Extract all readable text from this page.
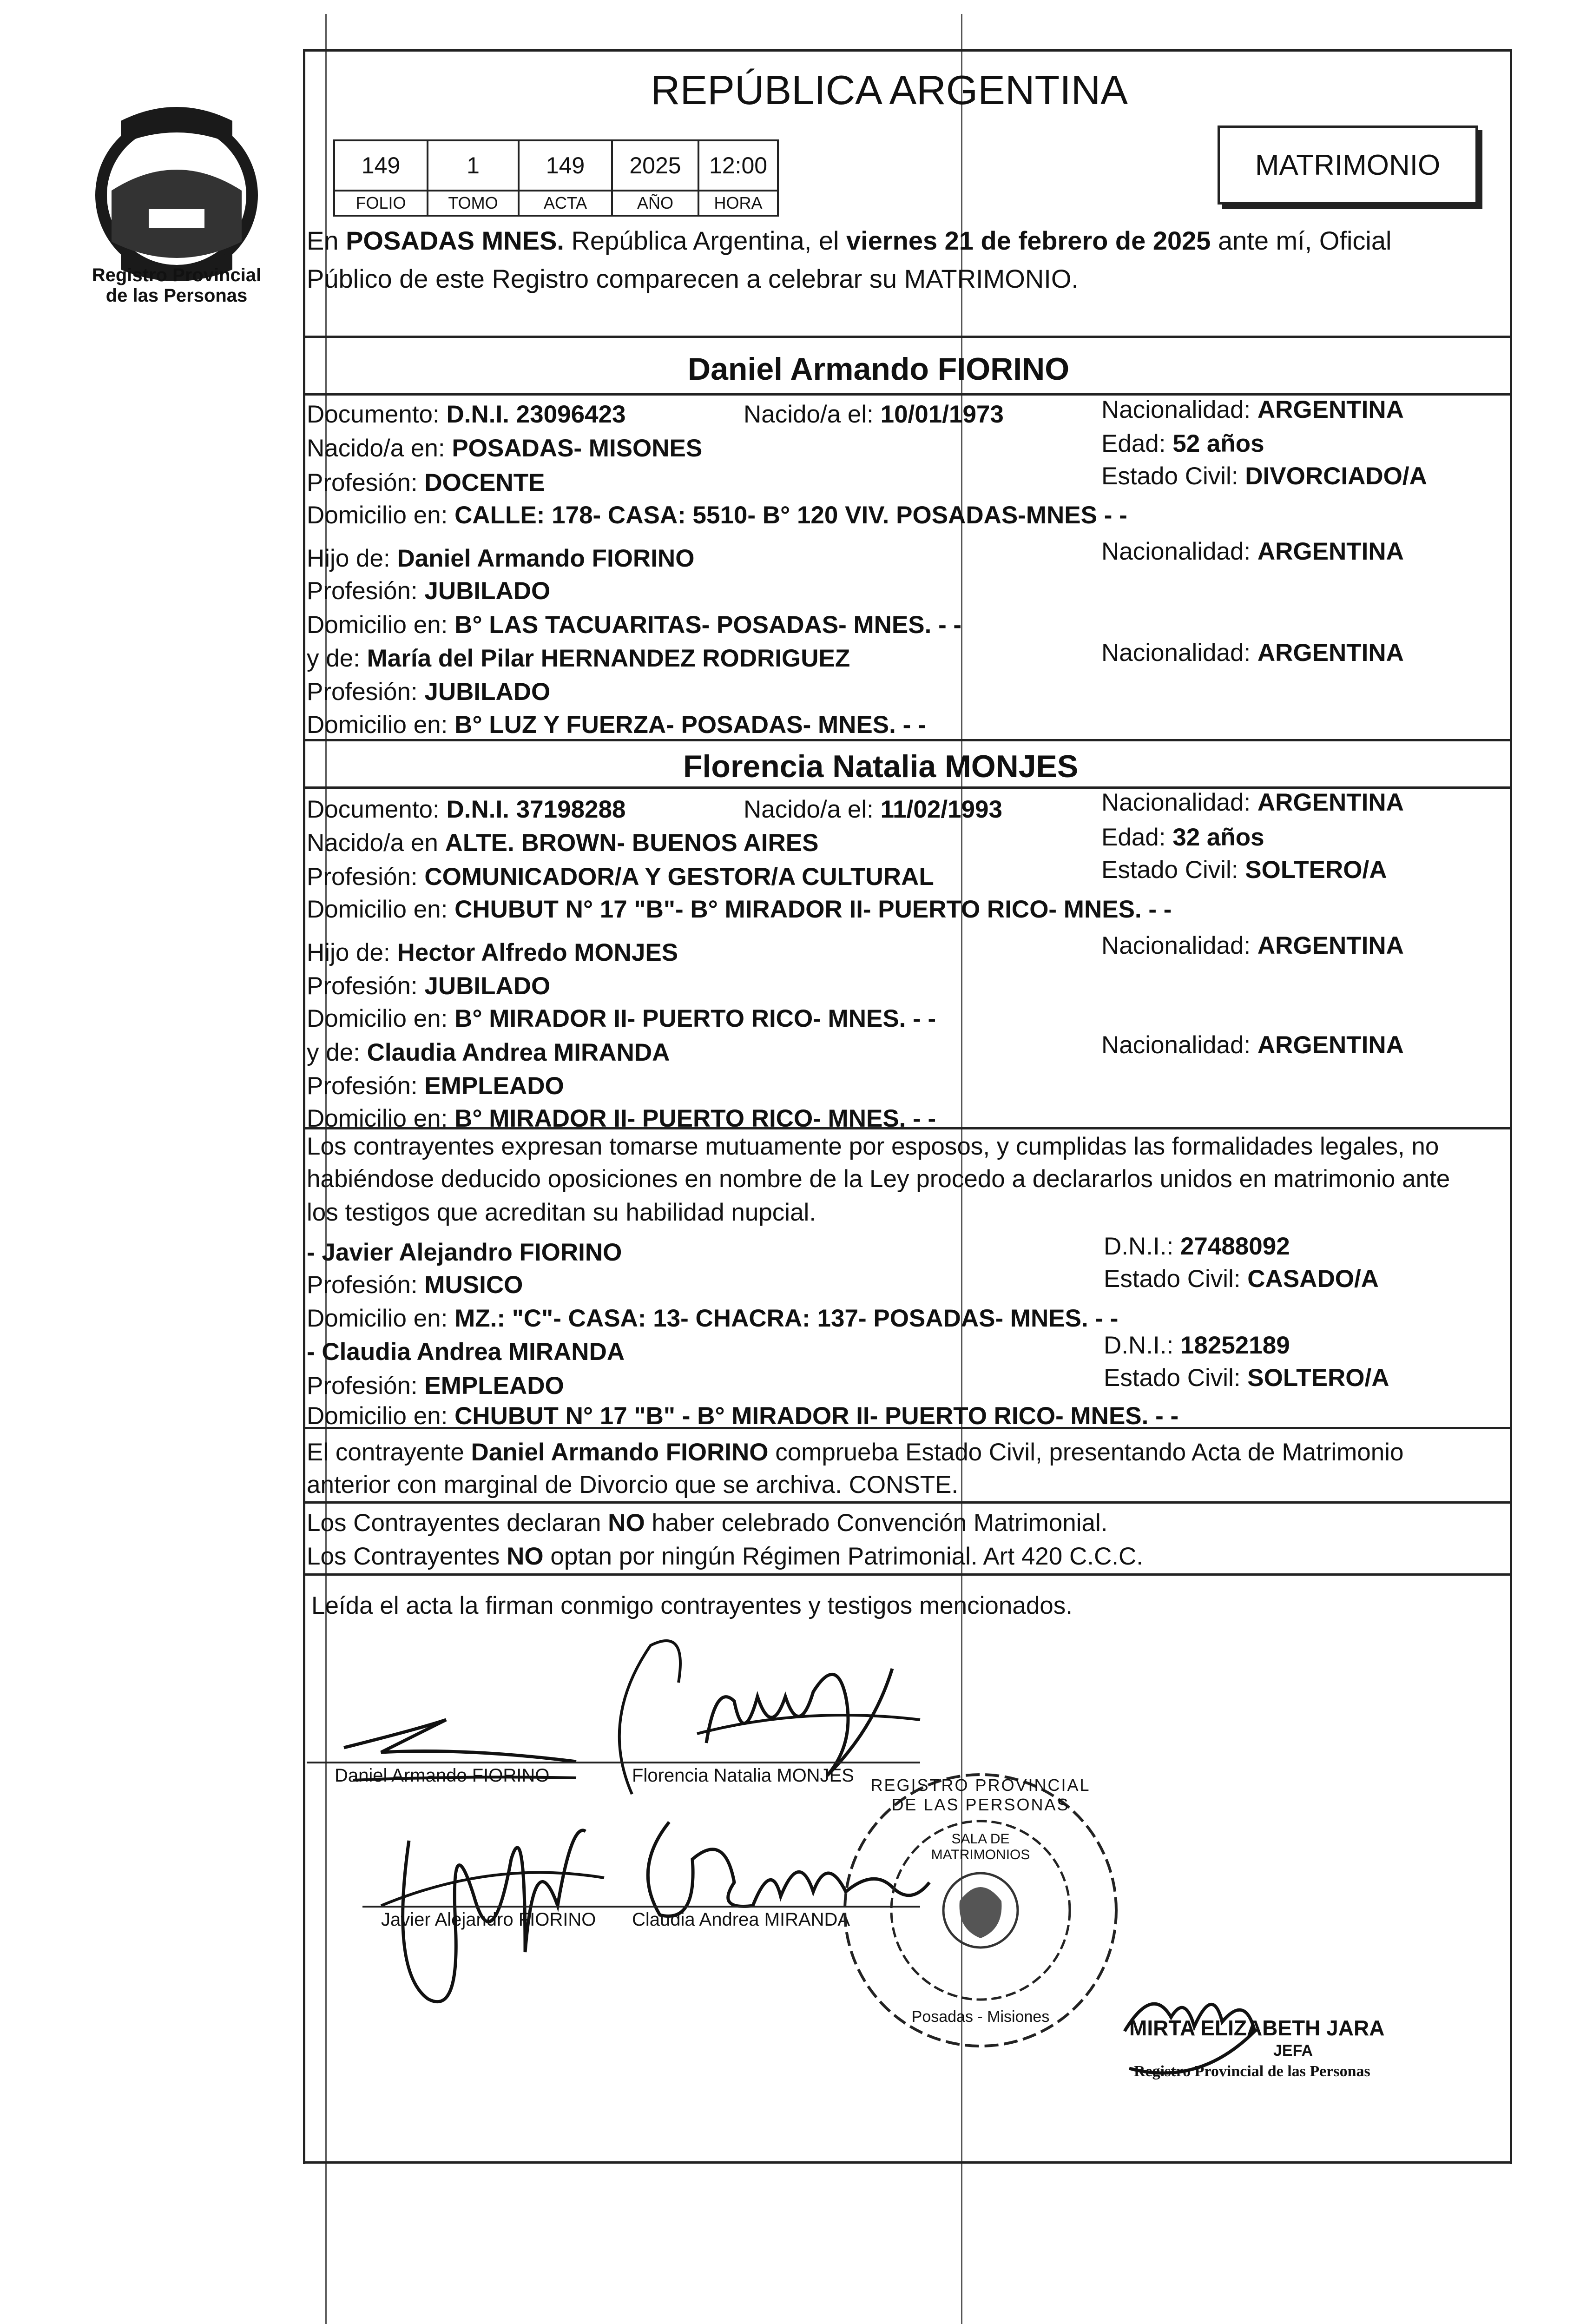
Registro Provincial de las Personas
REPÚBLICA ARGENTINA
149	1	149	2025	12:00
FOLIO	TOMO	ACTA	AÑO	HORA
MATRIMONIO
En POSADAS MNES. República Argentina, el viernes 21 de febrero de 2025 ante mí, Oficial
Público de este Registro comparecen a celebrar su MATRIMONIO.
Daniel Armando FIORINO
Documento: D.N.I. 23096423	Nacido/a el: 10/01/1973	Nacionalidad: ARGENTINA
Nacido/a en: POSADAS- MISONES	Edad: 52 años
Profesión: DOCENTE	Estado Civil: DIVORCIADO/A
Domicilio en: CALLE: 178- CASA: 5510- B° 120 VIV. POSADAS-MNES - -
Hijo de: Daniel Armando FIORINO	Nacionalidad: ARGENTINA
Profesión: JUBILADO
Domicilio en: B° LAS TACUARITAS- POSADAS- MNES. - -
y de: María del Pilar HERNANDEZ RODRIGUEZ	Nacionalidad: ARGENTINA
Profesión: JUBILADO
Domicilio en: B° LUZ Y FUERZA- POSADAS- MNES. - -
Florencia Natalia MONJES
Documento: D.N.I. 37198288	Nacido/a el: 11/02/1993	Nacionalidad: ARGENTINA
Nacido/a en ALTE. BROWN- BUENOS AIRES	Edad: 32 años
Profesión: COMUNICADOR/A Y GESTOR/A CULTURAL	Estado Civil: SOLTERO/A
Domicilio en: CHUBUT N° 17 "B"- B° MIRADOR II- PUERTO RICO- MNES. - -
Hijo de: Hector Alfredo MONJES	Nacionalidad: ARGENTINA
Profesión: JUBILADO
Domicilio en: B° MIRADOR II- PUERTO RICO- MNES. - -
y de: Claudia Andrea MIRANDA	Nacionalidad: ARGENTINA
Profesión: EMPLEADO
Domicilio en: B° MIRADOR II- PUERTO RICO- MNES. - -
Los contrayentes expresan tomarse mutuamente por esposos, y cumplidas las formalidades legales, no
habiéndose deducido oposiciones en nombre de la Ley procedo a declararlos unidos en matrimonio ante
los testigos que acreditan su habilidad nupcial.
- Javier Alejandro FIORINO	D.N.I.: 27488092
Profesión: MUSICO	Estado Civil: CASADO/A
Domicilio en: MZ.: "C"- CASA: 13- CHACRA: 137- POSADAS- MNES. - -
- Claudia Andrea MIRANDA	D.N.I.: 18252189
Profesión: EMPLEADO	Estado Civil: SOLTERO/A
Domicilio en: CHUBUT N° 17 "B" - B° MIRADOR II- PUERTO RICO- MNES. - -
El contrayente Daniel Armando FIORINO comprueba Estado Civil, presentando Acta de Matrimonio
anterior con marginal de Divorcio que se archiva. CONSTE.
Los Contrayentes declaran NO haber celebrado Convención Matrimonial.
Los Contrayentes NO optan por ningún Régimen Patrimonial. Art 420 C.C.C.
Leída el acta la firman conmigo contrayentes y testigos mencionados.
Daniel Armando FIORINO	Florencia Natalia MONJES
Javier Alejandro FIORINO Claudia Andrea MIRANDA
REGISTRO PROVINCIAL DE LAS PERSONAS
SALA DE MATRIMONIOS
Posadas - Misiones	MIRTA ELIZABETH JARA
JEFA
Registro Provincial de las Personas
